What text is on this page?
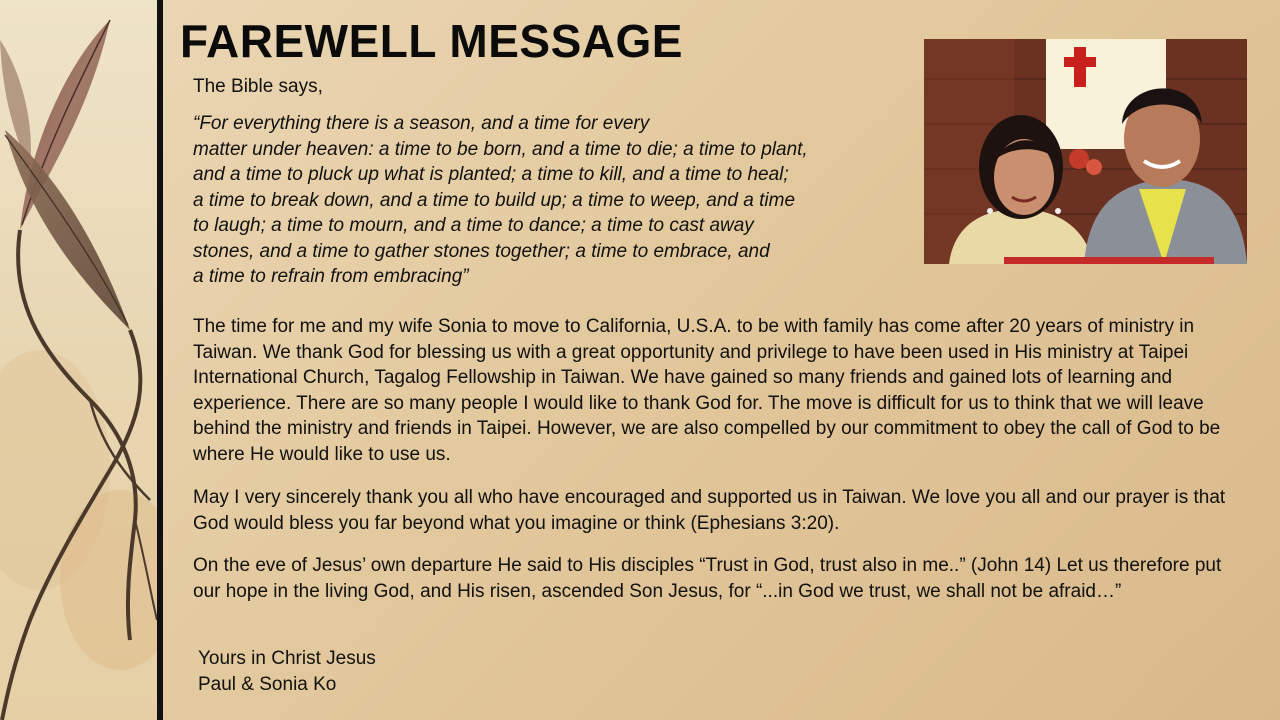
FAREWELL MESSAGE
The Bible says,
“For everything there is a season, and a time for every
matter under heaven: a time to be born, and a time to die; a time to plant,
and a time to pluck up what is planted; a time to kill, and a time to heal;
a time to break down, and a time to build up; a time to weep, and a time
to laugh; a time to mourn, and a time to dance; a time to cast away
stones, and a time to gather stones together; a time to embrace, and
a time to refrain from embracing”
The time for me and my wife Sonia to move to California, U.S.A. to be with family has come after 20 years of ministry in Taiwan. We thank God for blessing us with a great opportunity and privilege to have been used in His ministry at Taipei International Church, Tagalog Fellowship in Taiwan. We have gained so many friends and gained lots of learning and experience. There are so many people I would like to thank God for. The move is difficult for us to think that we will leave behind the ministry and friends in Taipei. However, we are also compelled by our commitment to obey the call of God to be where He would like to use us.
May I very sincerely thank you all who have encouraged and supported us in Taiwan. We love you all and our prayer is that God would bless you far beyond what you imagine or think (Ephesians 3:20).
On the eve of Jesus’ own departure He said to His disciples “Trust in God, trust also in me..” (John 14) Let us therefore put our hope in the living God, and His risen, ascended Son Jesus, for “...in God we trust, we shall not be afraid…”
Yours in Christ Jesus
Paul & Sonia Ko
